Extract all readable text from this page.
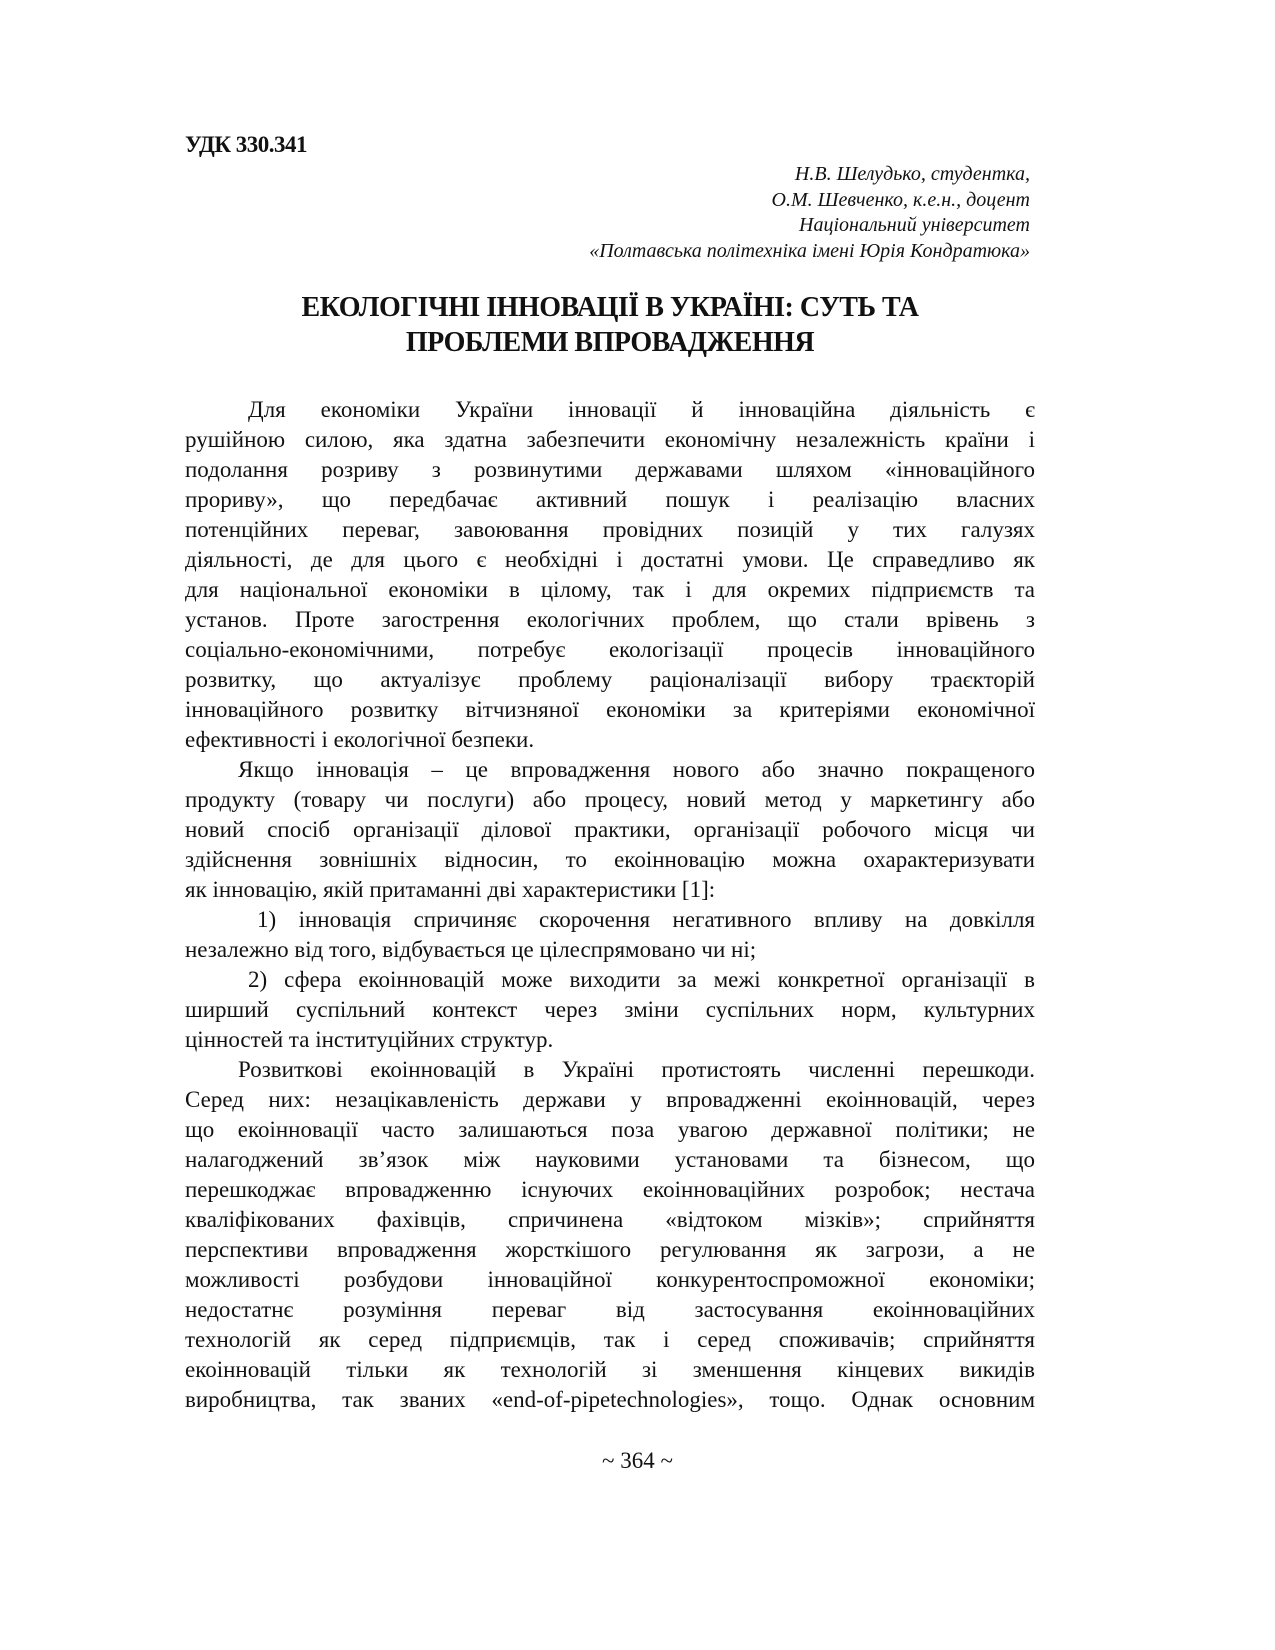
УДК 330.341
Н.В. Шелудько, студентка,
О.М. Шевченко, к.е.н., доцент
Національний університет
«Полтавська політехніка імені Юрія Кондратюка»
ЕКОЛОГІЧНІ ІННОВАЦІЇ В УКРАЇНІ: СУТЬ ТА
ПРОБЛЕМИ ВПРОВАДЖЕННЯ
Для економіки України інновації й інноваційна діяльність є
рушійною силою, яка здатна забезпечити економічну незалежність країни і
подолання розриву з розвинутими державами шляхом «інноваційного
прориву», що передбачає активний пошук і реалізацію власних
потенційних переваг, завоювання провідних позицій у тих галузях
діяльності, де для цього є необхідні і достатні умови. Це справедливо як
для національної економіки в цілому, так і для окремих підприємств та
установ. Проте загострення екологічних проблем, що стали врівень з
соціально-економічними, потребує екологізації процесів інноваційного
розвитку, що актуалізує проблему раціоналізації вибору траєкторій
інноваційного розвитку вітчизняної економіки за критеріями економічної
ефективності і екологічної безпеки.
Якщо інновація – це впровадження нового або значно покращеного
продукту (товару чи послуги) або процесу, новий метод у маркетингу або
новий спосіб організації ділової практики, організації робочого місця чи
здійснення зовнішніх відносин, то екоінновацію можна охарактеризувати
як інновацію, якій притаманні дві характеристики [1]:
1) інновація спричиняє скорочення негативного впливу на довкілля
незалежно від того, відбувається це цілеспрямовано чи ні;
2) сфера екоінновацій може виходити за межі конкретної організації в
ширший суспільний контекст через зміни суспільних норм, культурних
цінностей та інституційних структур.
Розвиткові екоінновацій в Україні протистоять численні перешкоди.
Серед них: незацікавленість держави у впровадженні екоінновацій, через
що екоінновації часто залишаються поза увагою державної політики; не
налагоджений зв’язок між науковими установами та бізнесом, що
перешкоджає впровадженню існуючих екоінноваційних розробок; нестача
кваліфікованих фахівців, спричинена «відтоком мізків»; сприйняття
перспективи впровадження жорсткішого регулювання як загрози, а не
можливості розбудови інноваційної конкурентоспроможної економіки;
недостатнє розуміння переваг від застосування екоінноваційних
технологій як серед підприємців, так і серед споживачів; сприйняття
екоінновацій тільки як технологій зі зменшення кінцевих викидів
виробництва, так званих «end-of-pipetechnologies», тощо. Однак основним
~ 364 ~
